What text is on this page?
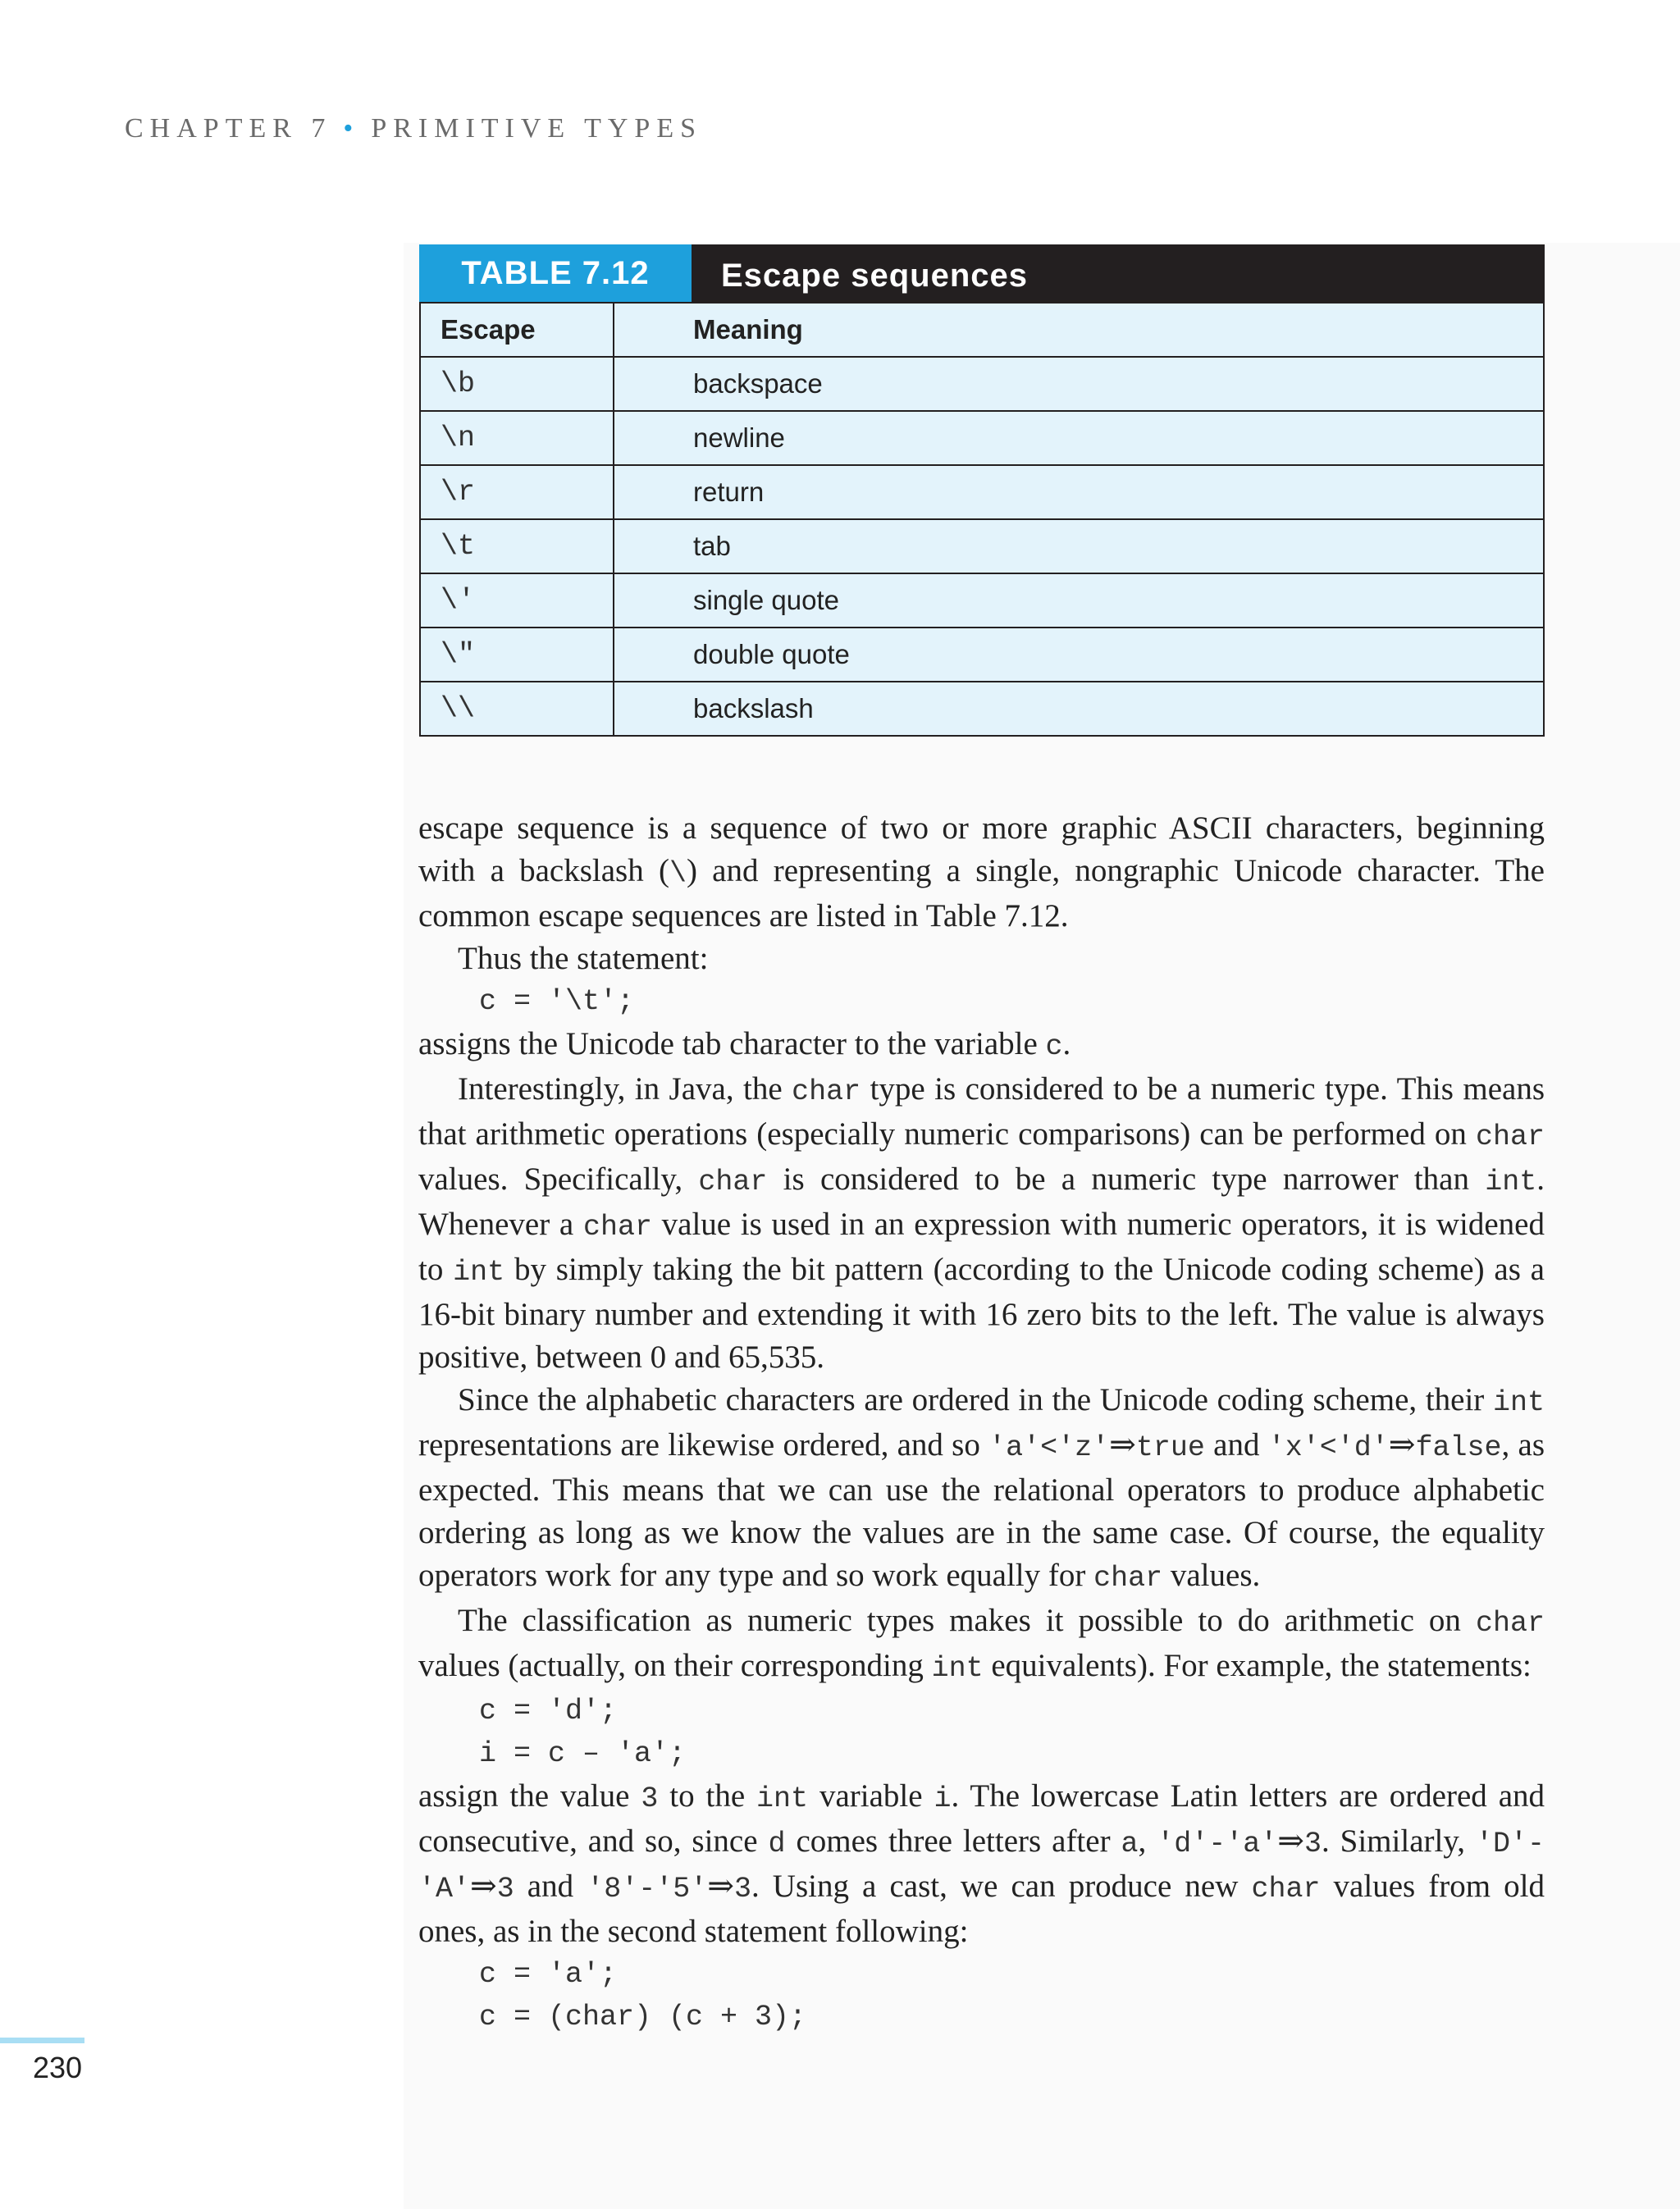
CHAPTER 7 • PRIMITIVE TYPES
TABLE 7.12	Escape sequences
Escape	Meaning
\b	backspace
\n	newline
\r	return
\t	tab
\'	single quote
\"	double quote
\\	backslash

escape sequence is a sequence of two or more graphic ASCII characters, beginning with a backslash (\) and representing a single, nongraphic Unicode character. The common escape sequences are listed in Table 7.12.

Thus the statement:

c = '\t';

assigns the Unicode tab character to the variable c.

Interestingly, in Java, the char type is considered to be a numeric type. This means that arithmetic operations (especially numeric comparisons) can be performed on char values. Specifically, char is considered to be a numeric type narrower than int. Whenever a char value is used in an expression with numeric operators, it is widened to int by simply taking the bit pattern (according to the Unicode coding scheme) as a 16-bit binary number and extending it with 16 zero bits to the left. The value is always positive, between 0 and 65,535.

Since the alphabetic characters are ordered in the Unicode coding scheme, their int representations are likewise ordered, and so 'a'<'z'⇒true and 'x'<'d'⇒false, as expected. This means that we can use the relational operators to produce alphabetic ordering as long as we know the values are in the same case. Of course, the equality operators work for any type and so work equally for char values.

The classification as numeric types makes it possible to do arithmetic on char values (actually, on their corresponding int equivalents). For example, the statements:

c = 'd';
i = c – 'a';

assign the value 3 to the int variable i. The lowercase Latin letters are ordered and consecutive, and so, since d comes three letters after a, 'd'-'a'⇒3. Similarly, 'D'-'A'⇒3 and '8'-'5'⇒3. Using a cast, we can produce new char values from old ones, as in the second statement following:

c = 'a';
c = (char) (c + 3);
230
